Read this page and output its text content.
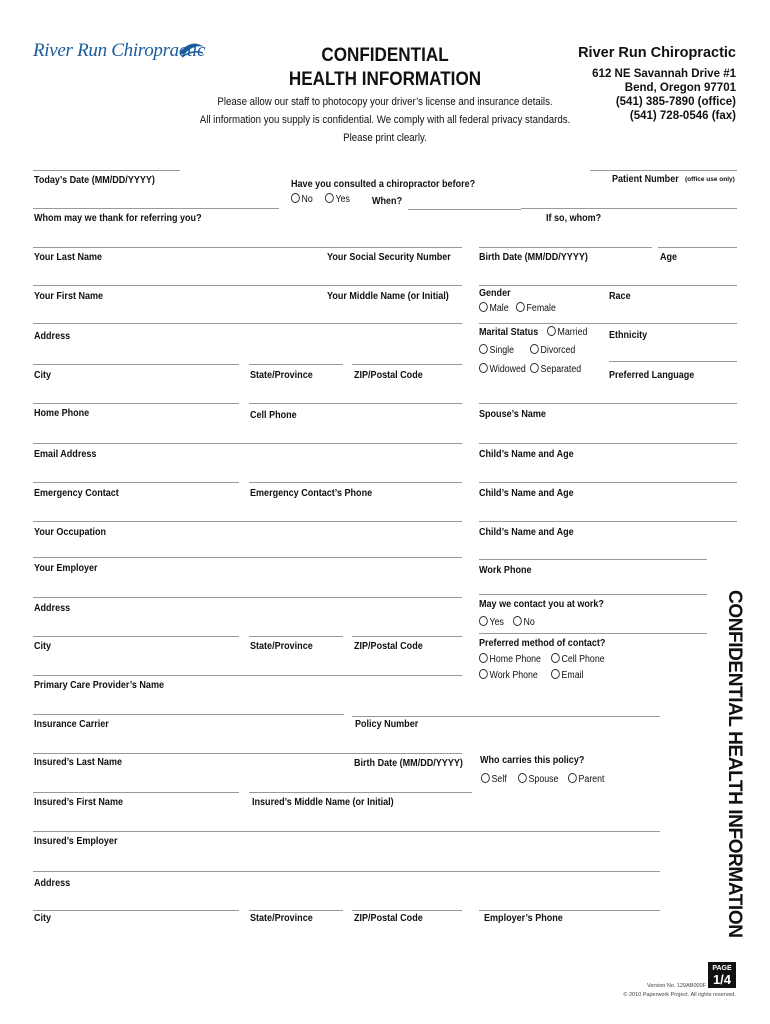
River Run Chiropractic	CONFIDENTIAL
HEALTH INFORMATION
Please allow our staff to photocopy your driver’s license and insurance details.
All information you supply is confidential. We comply with all federal privacy standards.
Please print clearly.
River Run Chiropractic
612 NE Savannah Drive #1
Bend, Oregon 97701
(541) 385-7890 (office)
(541) 728-0546 (fax)
Today’s Date (MM/DD/YYYY)	Have you consulted a chiropractor before?
No	Yes When?
Patient Number (office use only)
Whom may we thank for referring you?	If so, whom?
Your Last Name	Your Social Security Number	Birth Date (MM/DD/YYYY)	Age
Your First Name	Your Middle Name (or Initial)	Gender
Male	Female
Race
Address	Marital Status	Married
Single	Divorced
Widowed	Separated
Ethnicity
City	State/Province	ZIP/Postal Code	Preferred Language
Home Phone	Cell Phone	Spouse’s Name
Email Address	Child’s Name and Age
Emergency Contact	Emergency Contact’s Phone	Child’s Name and Age
Your Occupation	Child’s Name and Age
Your Employer	Work Phone
Address	May we contact you at work?
Yes	No
City	State/Province	ZIP/Postal Code	Preferred method of contact?
Home Phone	Cell Phone
Work Phone	Email
Primary Care Provider’s Name
Insurance Carrier	Policy Number
Insured’s Last Name	Birth Date (MM/DD/YYYY) Who carries this policy?
Self	Spouse	Parent
Insured’s First Name	Insured’s Middle Name (or Initial)
Insured’s Employer
Address
City	State/Province	ZIP/Postal Code	Employer’s Phone	CONFIDENTIAL HEALTH INFORMATION
PAGE
1/4
Version No. 129AB000F
© 2010 Paperwork Project. All rights reserved.
